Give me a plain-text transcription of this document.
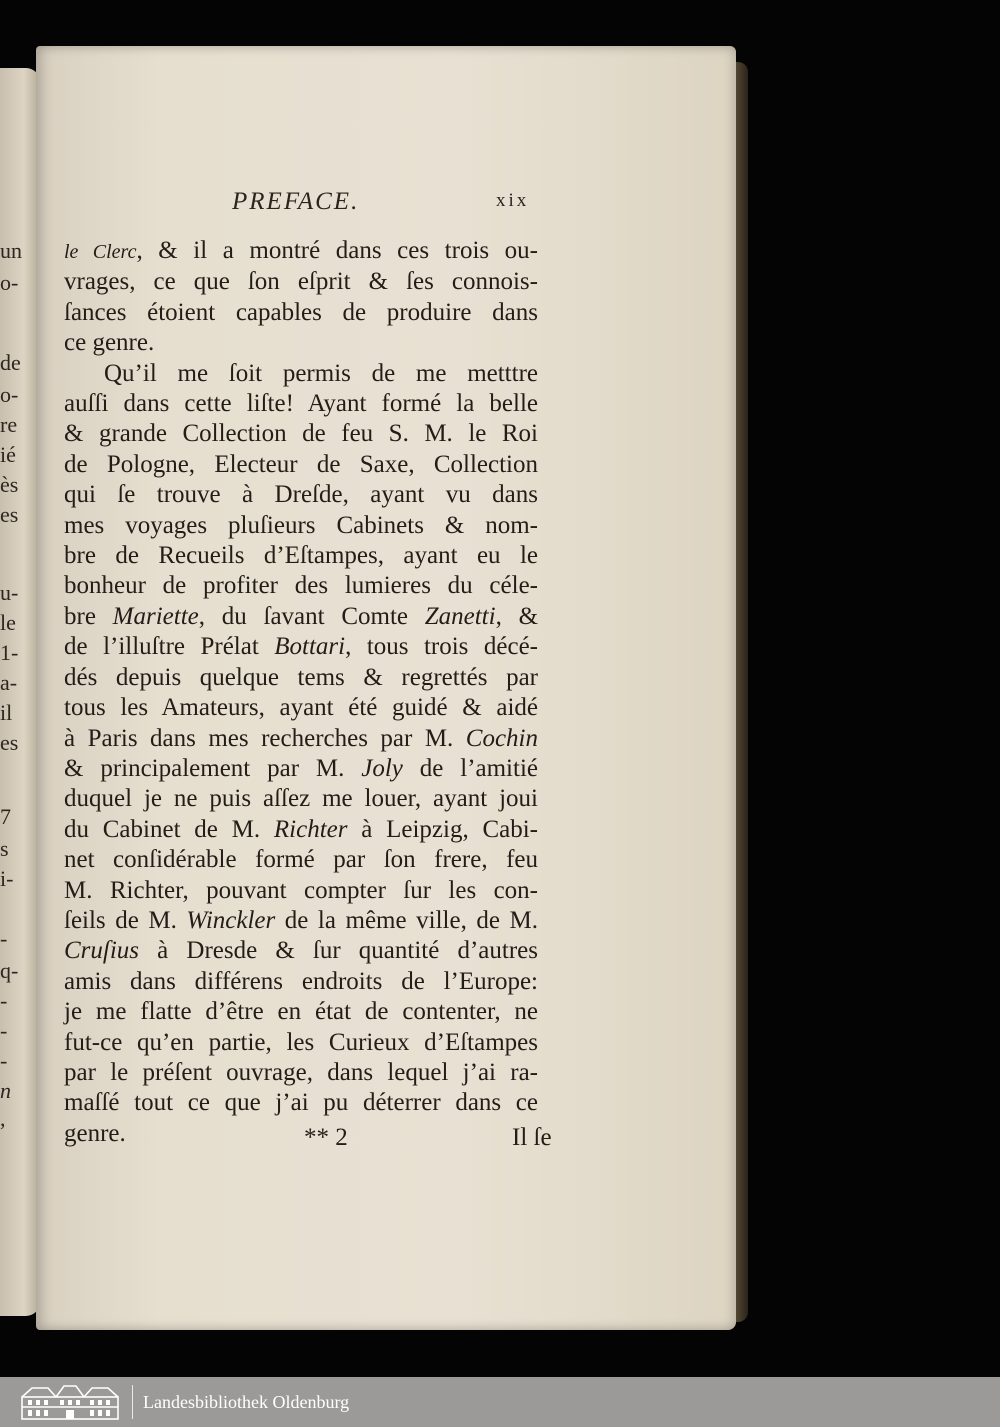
un
o-
de
o-
re
ié
ès
es
u-
le
1-
a-
il
es
7
s
i-
-
q-
-
-
-
n
,
PREFACE.	xix

le Clerc, & il a montré dans ces trois ou-

vrages, ce que ſon eſprit & ſes connois-

ſances étoient capables de produire dans

ce genre.

Qu’il me ſoit permis de me metttre

auſſi dans cette liſte! Ayant formé la belle

& grande Collection de feu S. M. le Roi

de Pologne, Electeur de Saxe, Collection

qui ſe trouve à Dreſde, ayant vu dans

mes voyages pluſieurs Cabinets & nom-

bre de Recueils d’Eſtampes, ayant eu le

bonheur de profiter des lumieres du céle-

bre Mariette, du ſavant Comte Zanetti, &

de l’illuſtre Prélat Bottari, tous trois décé-

dés depuis quelque tems & regrettés par

tous les Amateurs, ayant été guidé & aidé

à Paris dans mes recherches par M. Cochin

& principalement par M. Joly de l’amitié

duquel je ne puis aſſez me louer, ayant joui

du Cabinet de M. Richter à Leipzig, Cabi-

net conſidérable formé par ſon frere, feu

M. Richter, pouvant compter ſur les con-

ſeils de M. Winckler de la même ville, de M.

Cruſius à Dresde & ſur quantité d’autres

amis dans différens endroits de l’Europe:

je me flatte d’être en état de contenter, ne

fut-ce qu’en partie, les Curieux d’Eſtampes

par le préſent ouvrage, dans lequel j’ai ra-

maſſé tout ce que j’ai pu déterrer dans ce

genre.	** 2	Il ſe
Landesbibliothek Oldenburg
